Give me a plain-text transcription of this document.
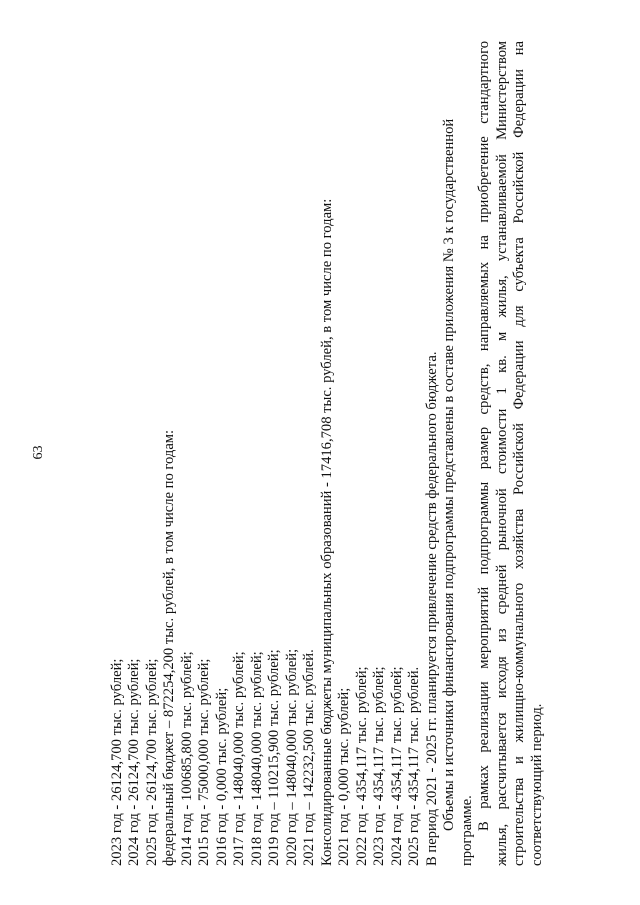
63
2023 год - 26124,700 тыс. рублей; 2024 год - 26124,700 тыс. рублей; 2025 год - 26124,700 тыс. рублей; федеральный бюджет – 872254,200 тыс. рублей, в том числе по годам: 2014 год - 100685,800 тыс. рублей; 2015 год - 75000,000 тыс. рублей; 2016 год - 0,000 тыс. рублей; 2017 год - 148040,000 тыс. рублей; 2018 год - 148040,000 тыс. рублей; 2019 год – 110215,900 тыс. рублей; 2020 год – 148040,000 тыс. рублей; 2021 год – 142232,500 тыс. рублей. Консолидированные бюджеты муниципальных образований - 17416,708 тыс. рублей, в том числе по годам: 2021 год - 0,000 тыс. рублей; 2022 год - 4354,117 тыс. рублей; 2023 год - 4354,117 тыс. рублей; 2024 год - 4354,117 тыс. рублей; 2025 год - 4354,117 тыс. рублей. В период 2021 - 2025 гг. планируется привлечение средств федерального бюджета. Объемы и источники финансирования подпрограммы представлены в составе приложения № 3 к государственной программе. В рамках реализации мероприятий подпрограммы размер средств, направляемых на приобретение стандартного жилья, рассчитывается исходя из средней рыночной стоимости 1 кв. м жилья, устанавливаемой Министерством строительства и жилищно-коммунального хозяйства Российской Федерации для субъекта Российской Федерации на соответствующий период.
